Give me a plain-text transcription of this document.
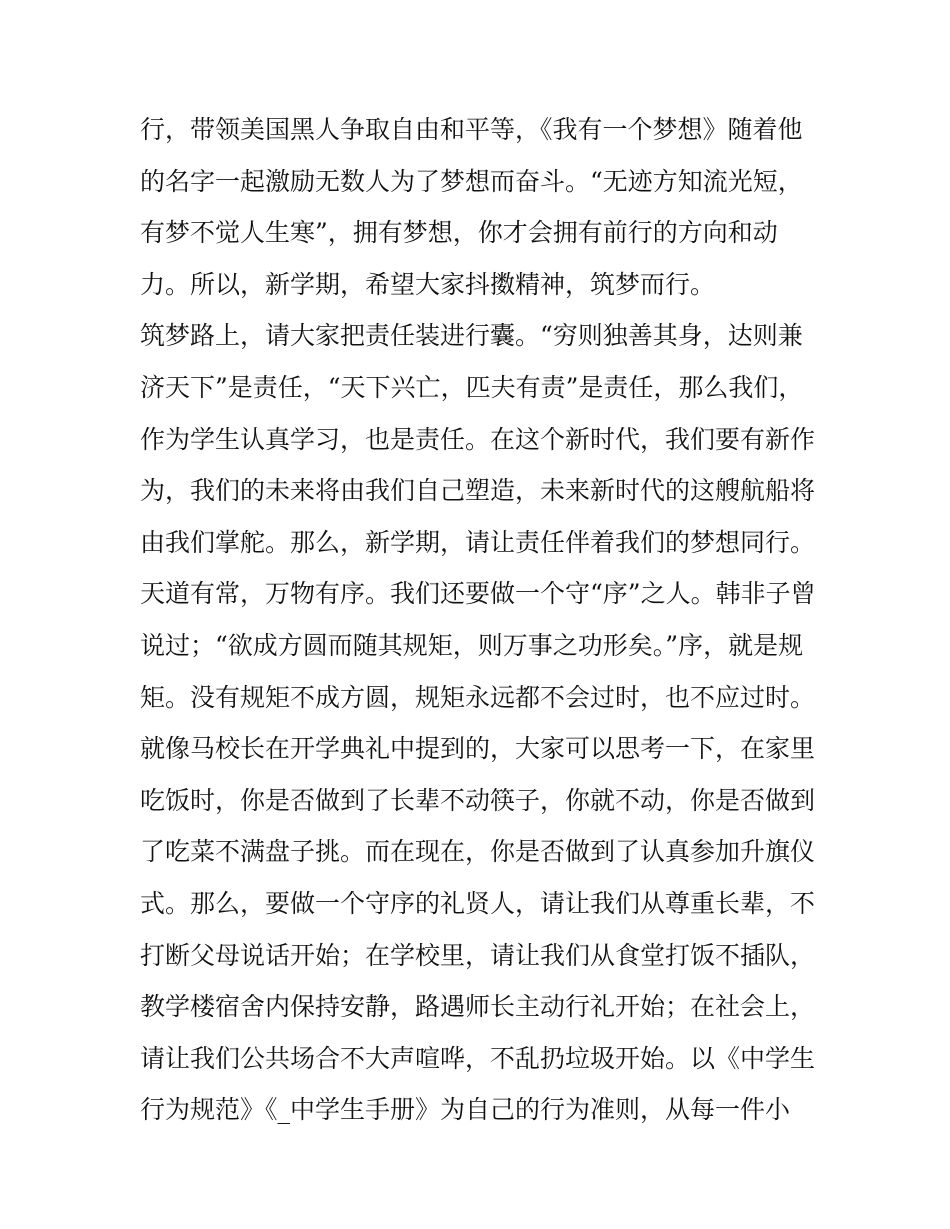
行，带领美国黑人争取自由和平等，《我有一个梦想》随着他
的名字一起激励无数人为了梦想而奋斗。“无迹方知流光短，
有梦不觉人生寒”，拥有梦想，你才会拥有前行的方向和动
力。所以，新学期，希望大家抖擞精神，筑梦而行。
筑梦路上，请大家把责任装进行囊。“穷则独善其身，达则兼
济天下”是责任，“天下兴亡，匹夫有责”是责任，那么我们，
作为学生认真学习，也是责任。在这个新时代，我们要有新作
为，我们的未来将由我们自己塑造，未来新时代的这艘航船将
由我们掌舵。那么，新学期，请让责任伴着我们的梦想同行。
天道有常，万物有序。我们还要做一个守“序”之人。韩非子曾
说过；“欲成方圆而随其规矩，则万事之功形矣。”序，就是规
矩。没有规矩不成方圆，规矩永远都不会过时，也不应过时。
就像马校长在开学典礼中提到的，大家可以思考一下，在家里
吃饭时，你是否做到了长辈不动筷子，你就不动，你是否做到
了吃菜不满盘子挑。而在现在，你是否做到了认真参加升旗仪
式。那么，要做一个守序的礼贤人，请让我们从尊重长辈，不
打断父母说话开始；在学校里，请让我们从食堂打饭不插队，
教学楼宿舍内保持安静，路遇师长主动行礼开始；在社会上，
请让我们公共场合不大声喧哗，不乱扔垃圾开始。以《中学生
行为规范》《_中学生手册》为自己的行为准则，从每一件小
